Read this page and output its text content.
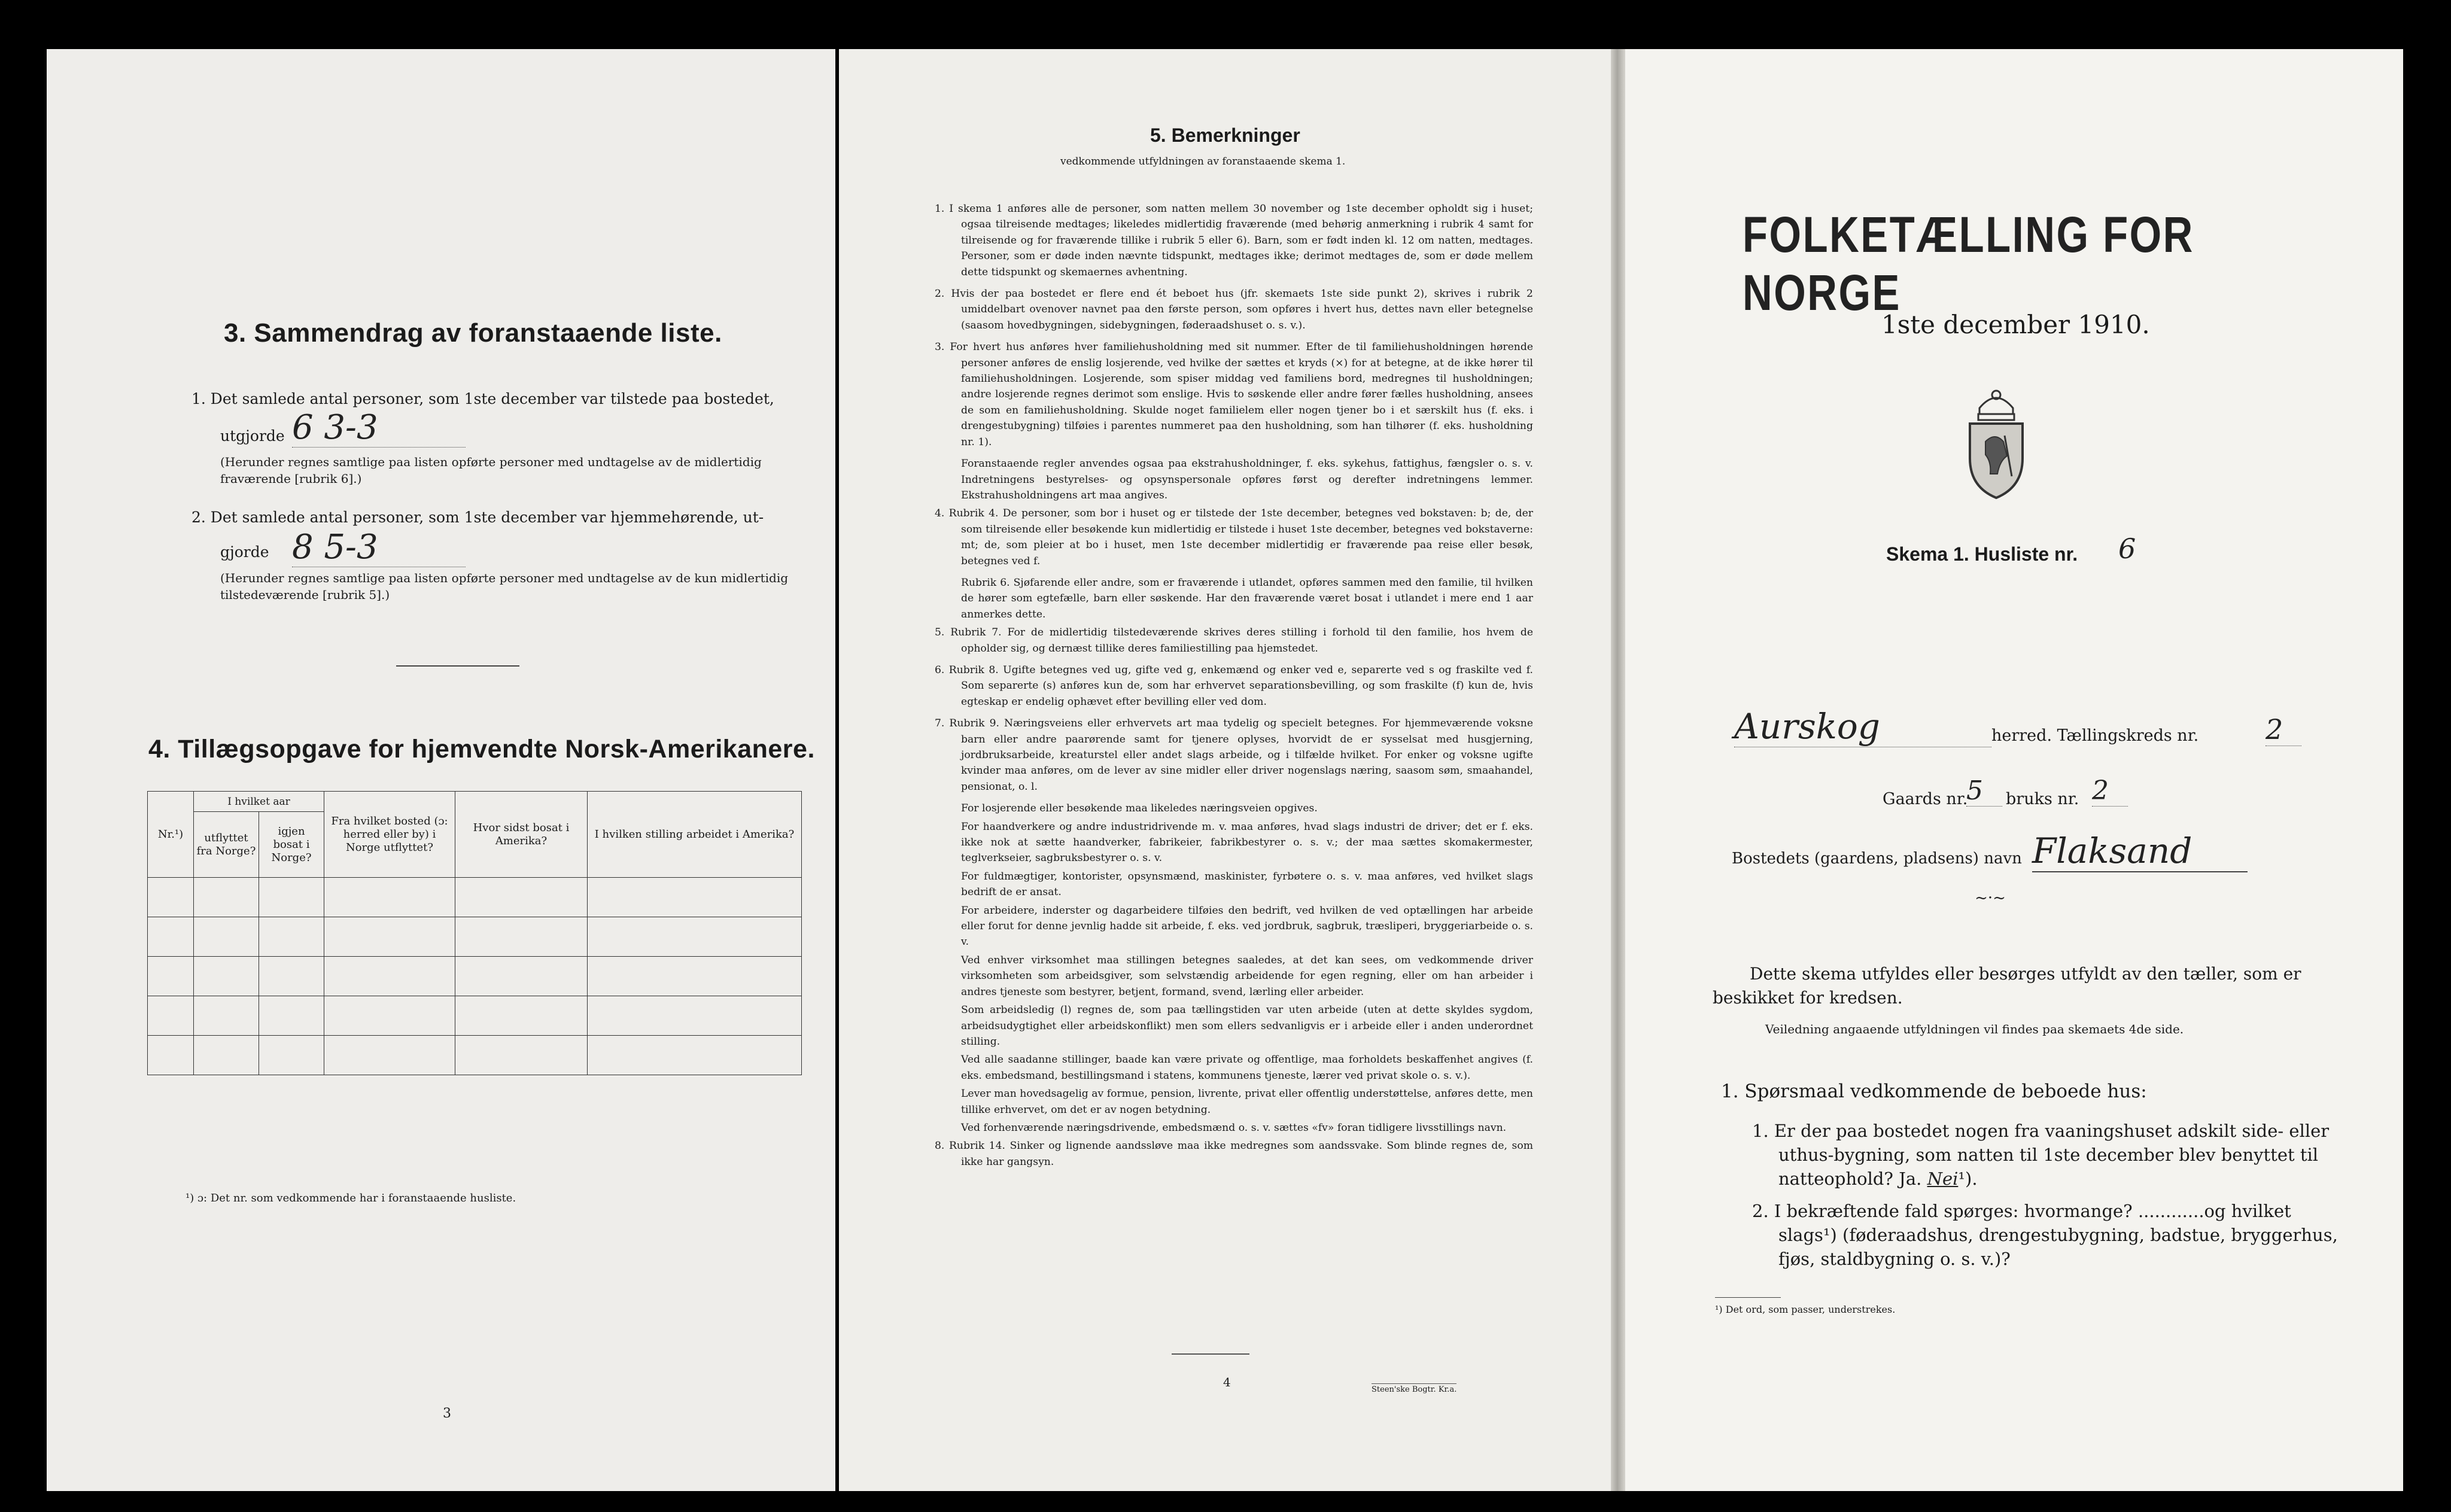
3. Sammendrag av foranstaaende liste.
1. Det samlede antal personer, som 1ste december var tilstede paa bostedet,
utgjorde 6 3-3
(Herunder regnes samtlige paa listen opførte personer med undtagelse av de midlertidig fraværende [rubrik 6].)
2. Det samlede antal personer, som 1ste december var hjemmehørende, ut-
gjorde 8 5-3
(Herunder regnes samtlige paa listen opførte personer med undtagelse av de kun midlertidig tilstedeværende [rubrik 5].)
4. Tillægsopgave for hjemvendte Norsk-Amerikanere.
Nr.¹)	I hvilket aar		Fra hvilket bosted (ɔ: herred eller by) i Norge utflyttet?	Hvor sidst bosat i Amerika?	I hvilken stilling arbeidet i Amerika?
	utflyttet fra Norge?	igjen bosat i Norge?			

¹) ɔ: Det nr. som vedkommende har i foranstaaende husliste.
3
5. Bemerkninger
vedkommende utfyldningen av foranstaaende skema 1.

1. I skema 1 anføres alle de personer, som natten mellem 30 november og 1ste december opholdt sig i huset; ogsaa tilreisende medtages; likeledes midlertidig fraværende (med behørig anmerkning i rubrik 4 samt for tilreisende og for fraværende tillike i rubrik 5 eller 6). Barn, som er født inden kl. 12 om natten, medtages. Personer, som er døde inden nævnte tidspunkt, medtages ikke; derimot medtages de, som er døde mellem dette tidspunkt og skemaernes avhentning.

2. Hvis der paa bostedet er flere end ét beboet hus (jfr. skemaets 1ste side punkt 2), skrives i rubrik 2 umiddelbart ovenover navnet paa den første person, som opføres i hvert hus, dettes navn eller betegnelse (saasom hovedbygningen, sidebygningen, føderaadshuset o. s. v.).

3. For hvert hus anføres hver familiehusholdning med sit nummer. Efter de til familiehusholdningen hørende personer anføres de enslig losjerende, ved hvilke der sættes et kryds (×) for at betegne, at de ikke hører til familiehusholdningen. Losjerende, som spiser middag ved familiens bord, medregnes til husholdningen; andre losjerende regnes derimot som enslige. Hvis to søskende eller andre fører fælles husholdning, ansees de som en familiehusholdning. Skulde noget familielem eller nogen tjener bo i et særskilt hus (f. eks. i drengestubygning) tilføies i parentes nummeret paa den husholdning, som han tilhører (f. eks. husholdning nr. 1).

Foranstaaende regler anvendes ogsaa paa ekstrahusholdninger, f. eks. sykehus, fattighus, fængsler o. s. v. Indretningens bestyrelses- og opsynspersonale opføres først og derefter indretningens lemmer. Ekstrahusholdningens art maa angives.

4. Rubrik 4. De personer, som bor i huset og er tilstede der 1ste december, betegnes ved bokstaven: b; de, der som tilreisende eller besøkende kun midlertidig er tilstede i huset 1ste december, betegnes ved bokstaverne: mt; de, som pleier at bo i huset, men 1ste december midlertidig er fraværende paa reise eller besøk, betegnes ved f.

Rubrik 6. Sjøfarende eller andre, som er fraværende i utlandet, opføres sammen med den familie, til hvilken de hører som egtefælle, barn eller søskende. Har den fraværende været bosat i utlandet i mere end 1 aar anmerkes dette.

5. Rubrik 7. For de midlertidig tilstedeværende skrives deres stilling i forhold til den familie, hos hvem de opholder sig, og dernæst tillike deres familiestilling paa hjemstedet.

6. Rubrik 8. Ugifte betegnes ved ug, gifte ved g, enkemænd og enker ved e, separerte ved s og fraskilte ved f. Som separerte (s) anføres kun de, som har erhvervet separationsbevilling, og som fraskilte (f) kun de, hvis egteskap er endelig ophævet efter bevilling eller ved dom.

7. Rubrik 9. Næringsveiens eller erhvervets art maa tydelig og specielt betegnes. For hjemmeværende voksne barn eller andre paarørende samt for tjenere oplyses, hvorvidt de er sysselsat med husgjerning, jordbruksarbeide, kreaturstel eller andet slags arbeide, og i tilfælde hvilket. For enker og voksne ugifte kvinder maa anføres, om de lever av sine midler eller driver nogenslags næring, saasom søm, smaahandel, pensionat, o. l.

For losjerende eller besøkende maa likeledes næringsveien opgives.

For haandverkere og andre industridrivende m. v. maa anføres, hvad slags industri de driver; det er f. eks. ikke nok at sætte haandverker, fabrikeier, fabrikbestyrer o. s. v.; der maa sættes skomakermester, teglverkseier, sagbruksbestyrer o. s. v.

For fuldmægtiger, kontorister, opsynsmænd, maskinister, fyrbøtere o. s. v. maa anføres, ved hvilket slags bedrift de er ansat.

For arbeidere, inderster og dagarbeidere tilføies den bedrift, ved hvilken de ved optællingen har arbeide eller forut for denne jevnlig hadde sit arbeide, f. eks. ved jordbruk, sagbruk, træsliperi, bryggeriarbeide o. s. v.

Ved enhver virksomhet maa stillingen betegnes saaledes, at det kan sees, om vedkommende driver virksomheten som arbeidsgiver, som selvstændig arbeidende for egen regning, eller om han arbeider i andres tjeneste som bestyrer, betjent, formand, svend, lærling eller arbeider.

Som arbeidsledig (l) regnes de, som paa tællingstiden var uten arbeide (uten at dette skyldes sygdom, arbeidsudygtighet eller arbeidskonflikt) men som ellers sedvanligvis er i arbeide eller i anden underordnet stilling.

Ved alle saadanne stillinger, baade kan være private og offentlige, maa forholdets beskaffenhet angives (f. eks. embedsmand, bestillingsmand i statens, kommunens tjeneste, lærer ved privat skole o. s. v.).

Lever man hovedsagelig av formue, pension, livrente, privat eller offentlig understøttelse, anføres dette, men tillike erhvervet, om det er av nogen betydning.

Ved forhenværende næringsdrivende, embedsmænd o. s. v. sættes «fv» foran tidligere livsstillings navn.

8. Rubrik 14. Sinker og lignende aandssløve maa ikke medregnes som aandssvake. Som blinde regnes de, som ikke har gangsyn.

4
Steen'ske Bogtr. Kr.a.
FOLKETÆLLING FOR NORGE
1ste december 1910.
Skema 1. Husliste nr. 6
Aurskog	herred. Tællingskreds nr. 2
Gaards nr.
5	bruks nr. 2
Bostedets (gaardens, pladsens) navn Flaksand
~·~
Dette skema utfyldes eller besørges utfyldt av den tæller, som er beskikket for kredsen.
Veiledning angaaende utfyldningen vil findes paa skemaets 4de side.
1. Spørsmaal vedkommende de beboede hus:
1. Er der paa bostedet nogen fra vaaningshuset adskilt side- eller uthus-bygning, som natten til 1ste december blev benyttet til natteophold? Ja. Nei¹).
2. I bekræftende fald spørges: hvormange? ............og hvilket slags¹) (føderaadshus, drengestubygning, badstue, bryggerhus, fjøs, staldbygning o. s. v.)?
¹) Det ord, som passer, understrekes.
